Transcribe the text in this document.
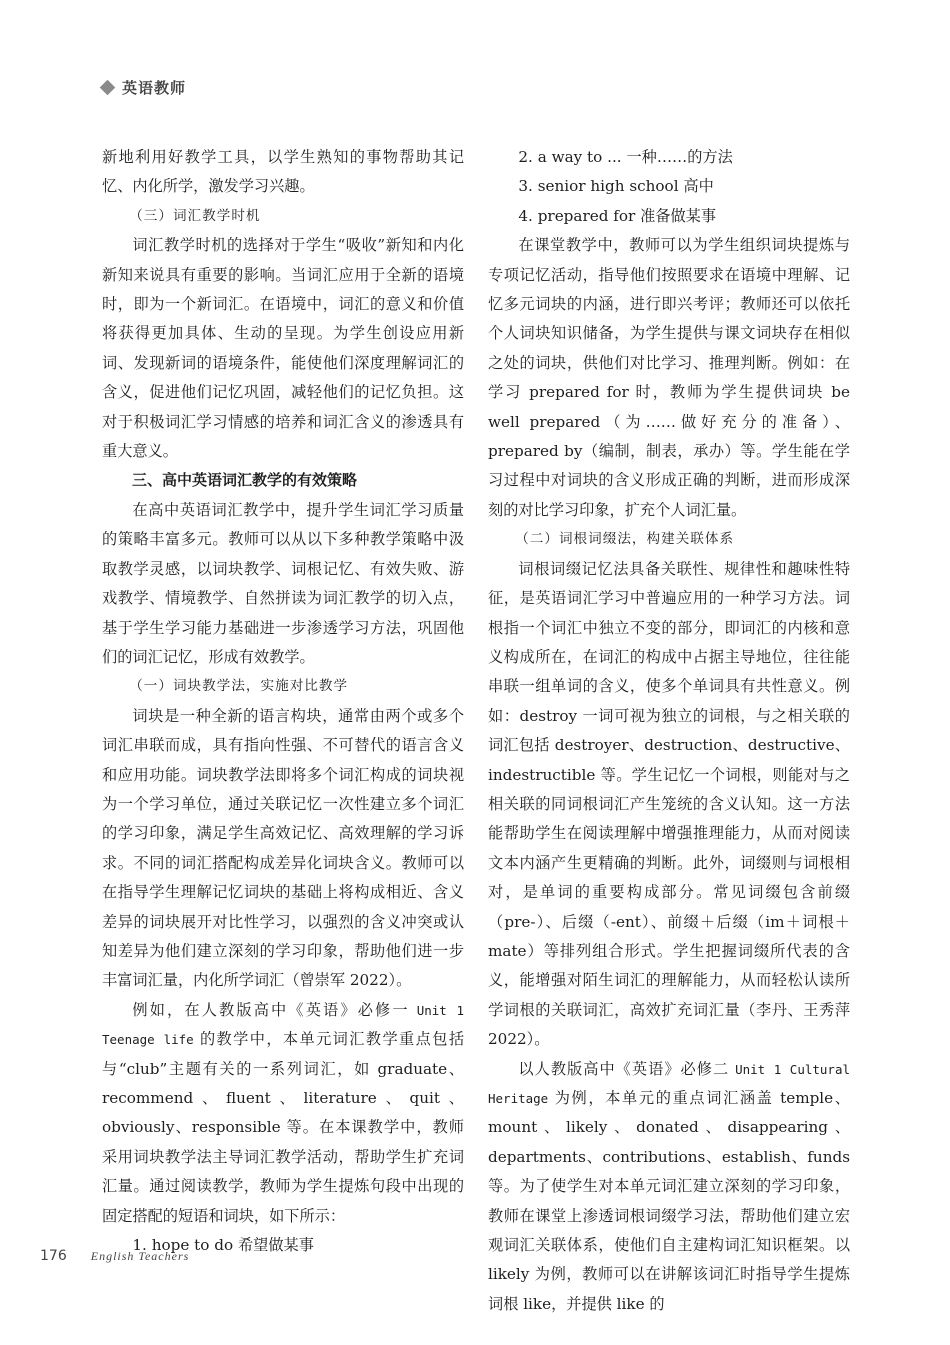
英语教师

新地利用好教学工具，以学生熟知的事物帮助其记忆、内化所学，激发学习兴趣。

（三）词汇教学时机

词汇教学时机的选择对于学生“吸收”新知和内化新知来说具有重要的影响。当词汇应用于全新的语境时，即为一个新词汇。在语境中，词汇的意义和价值将获得更加具体、生动的呈现。为学生创设应用新词、发现新词的语境条件，能使他们深度理解词汇的含义，促进他们记忆巩固，减轻他们的记忆负担。这对于积极词汇学习情感的培养和词汇含义的渗透具有重大意义。

三、高中英语词汇教学的有效策略

在高中英语词汇教学中，提升学生词汇学习质量的策略丰富多元。教师可以从以下多种教学策略中汲取教学灵感，以词块教学、词根记忆、有效失败、游戏教学、情境教学、自然拼读为词汇教学的切入点，基于学生学习能力基础进一步渗透学习方法，巩固他们的词汇记忆，形成有效教学。

（一）词块教学法，实施对比教学

词块是一种全新的语言构块，通常由两个或多个词汇串联而成，具有指向性强、不可替代的语言含义和应用功能。词块教学法即将多个词汇构成的词块视为一个学习单位，通过关联记忆一次性建立多个词汇的学习印象，满足学生高效记忆、高效理解的学习诉求。不同的词汇搭配构成差异化词块含义。教师可以在指导学生理解记忆词块的基础上将构成相近、含义差异的词块展开对比性学习，以强烈的含义冲突或认知差异为他们建立深刻的学习印象，帮助他们进一步丰富词汇量，内化所学词汇（曾崇军 2022）。

例如，在人教版高中《英语》必修一 Unit 1 Teenage life 的教学中，本单元词汇教学重点包括与“club”主题有关的一系列词汇，如 graduate、recommend、fluent、literature、quit、obviously、responsible 等。在本课教学中，教师采用词块教学法主导词汇教学活动，帮助学生扩充词汇量。通过阅读教学，教师为学生提炼句段中出现的固定搭配的短语和词块，如下所示：

1. hope to do 希望做某事

2. a way to ... 一种……的方法

3. senior high school 高中

4. prepared for 准备做某事

在课堂教学中，教师可以为学生组织词块提炼与专项记忆活动，指导他们按照要求在语境中理解、记忆多元词块的内涵，进行即兴考评；教师还可以依托个人词块知识储备，为学生提供与课文词块存在相似之处的词块，供他们对比学习、推理判断。例如：在学习 prepared for 时，教师为学生提供词块 be well prepared（为……做好充分的准备）、prepared by（编制，制表，承办）等。学生能在学习过程中对词块的含义形成正确的判断，进而形成深刻的对比学习印象，扩充个人词汇量。

（二）词根词缀法，构建关联体系

词根词缀记忆法具备关联性、规律性和趣味性特征，是英语词汇学习中普遍应用的一种学习方法。词根指一个词汇中独立不变的部分，即词汇的内核和意义构成所在，在词汇的构成中占据主导地位，往往能串联一组单词的含义，使多个单词具有共性意义。例如：destroy 一词可视为独立的词根，与之相关联的词汇包括 destroyer、destruction、destructive、indestructible 等。学生记忆一个词根，则能对与之相关联的同词根词汇产生笼统的含义认知。这一方法能帮助学生在阅读理解中增强推理能力，从而对阅读文本内涵产生更精确的判断。此外，词缀则与词根相对，是单词的重要构成部分。常见词缀包含前缀（pre-）、后缀（-ent）、前缀＋后缀（im＋词根＋mate）等排列组合形式。学生把握词缀所代表的含义，能增强对陌生词汇的理解能力，从而轻松认读所学词根的关联词汇，高效扩充词汇量（李丹、王秀萍 2022）。

以人教版高中《英语》必修二 Unit 1 Cultural Heritage 为例，本单元的重点词汇涵盖 temple、mount、likely、donated、disappearing、departments、contributions、establish、funds 等。为了使学生对本单元词汇建立深刻的学习印象，教师在课堂上渗透词根词缀学习法，帮助他们建立宏观词汇关联体系，使他们自主建构词汇知识框架。以 likely 为例，教师可以在讲解该词汇时指导学生提炼词根 like，并提供 like 的

176 English Teachers
